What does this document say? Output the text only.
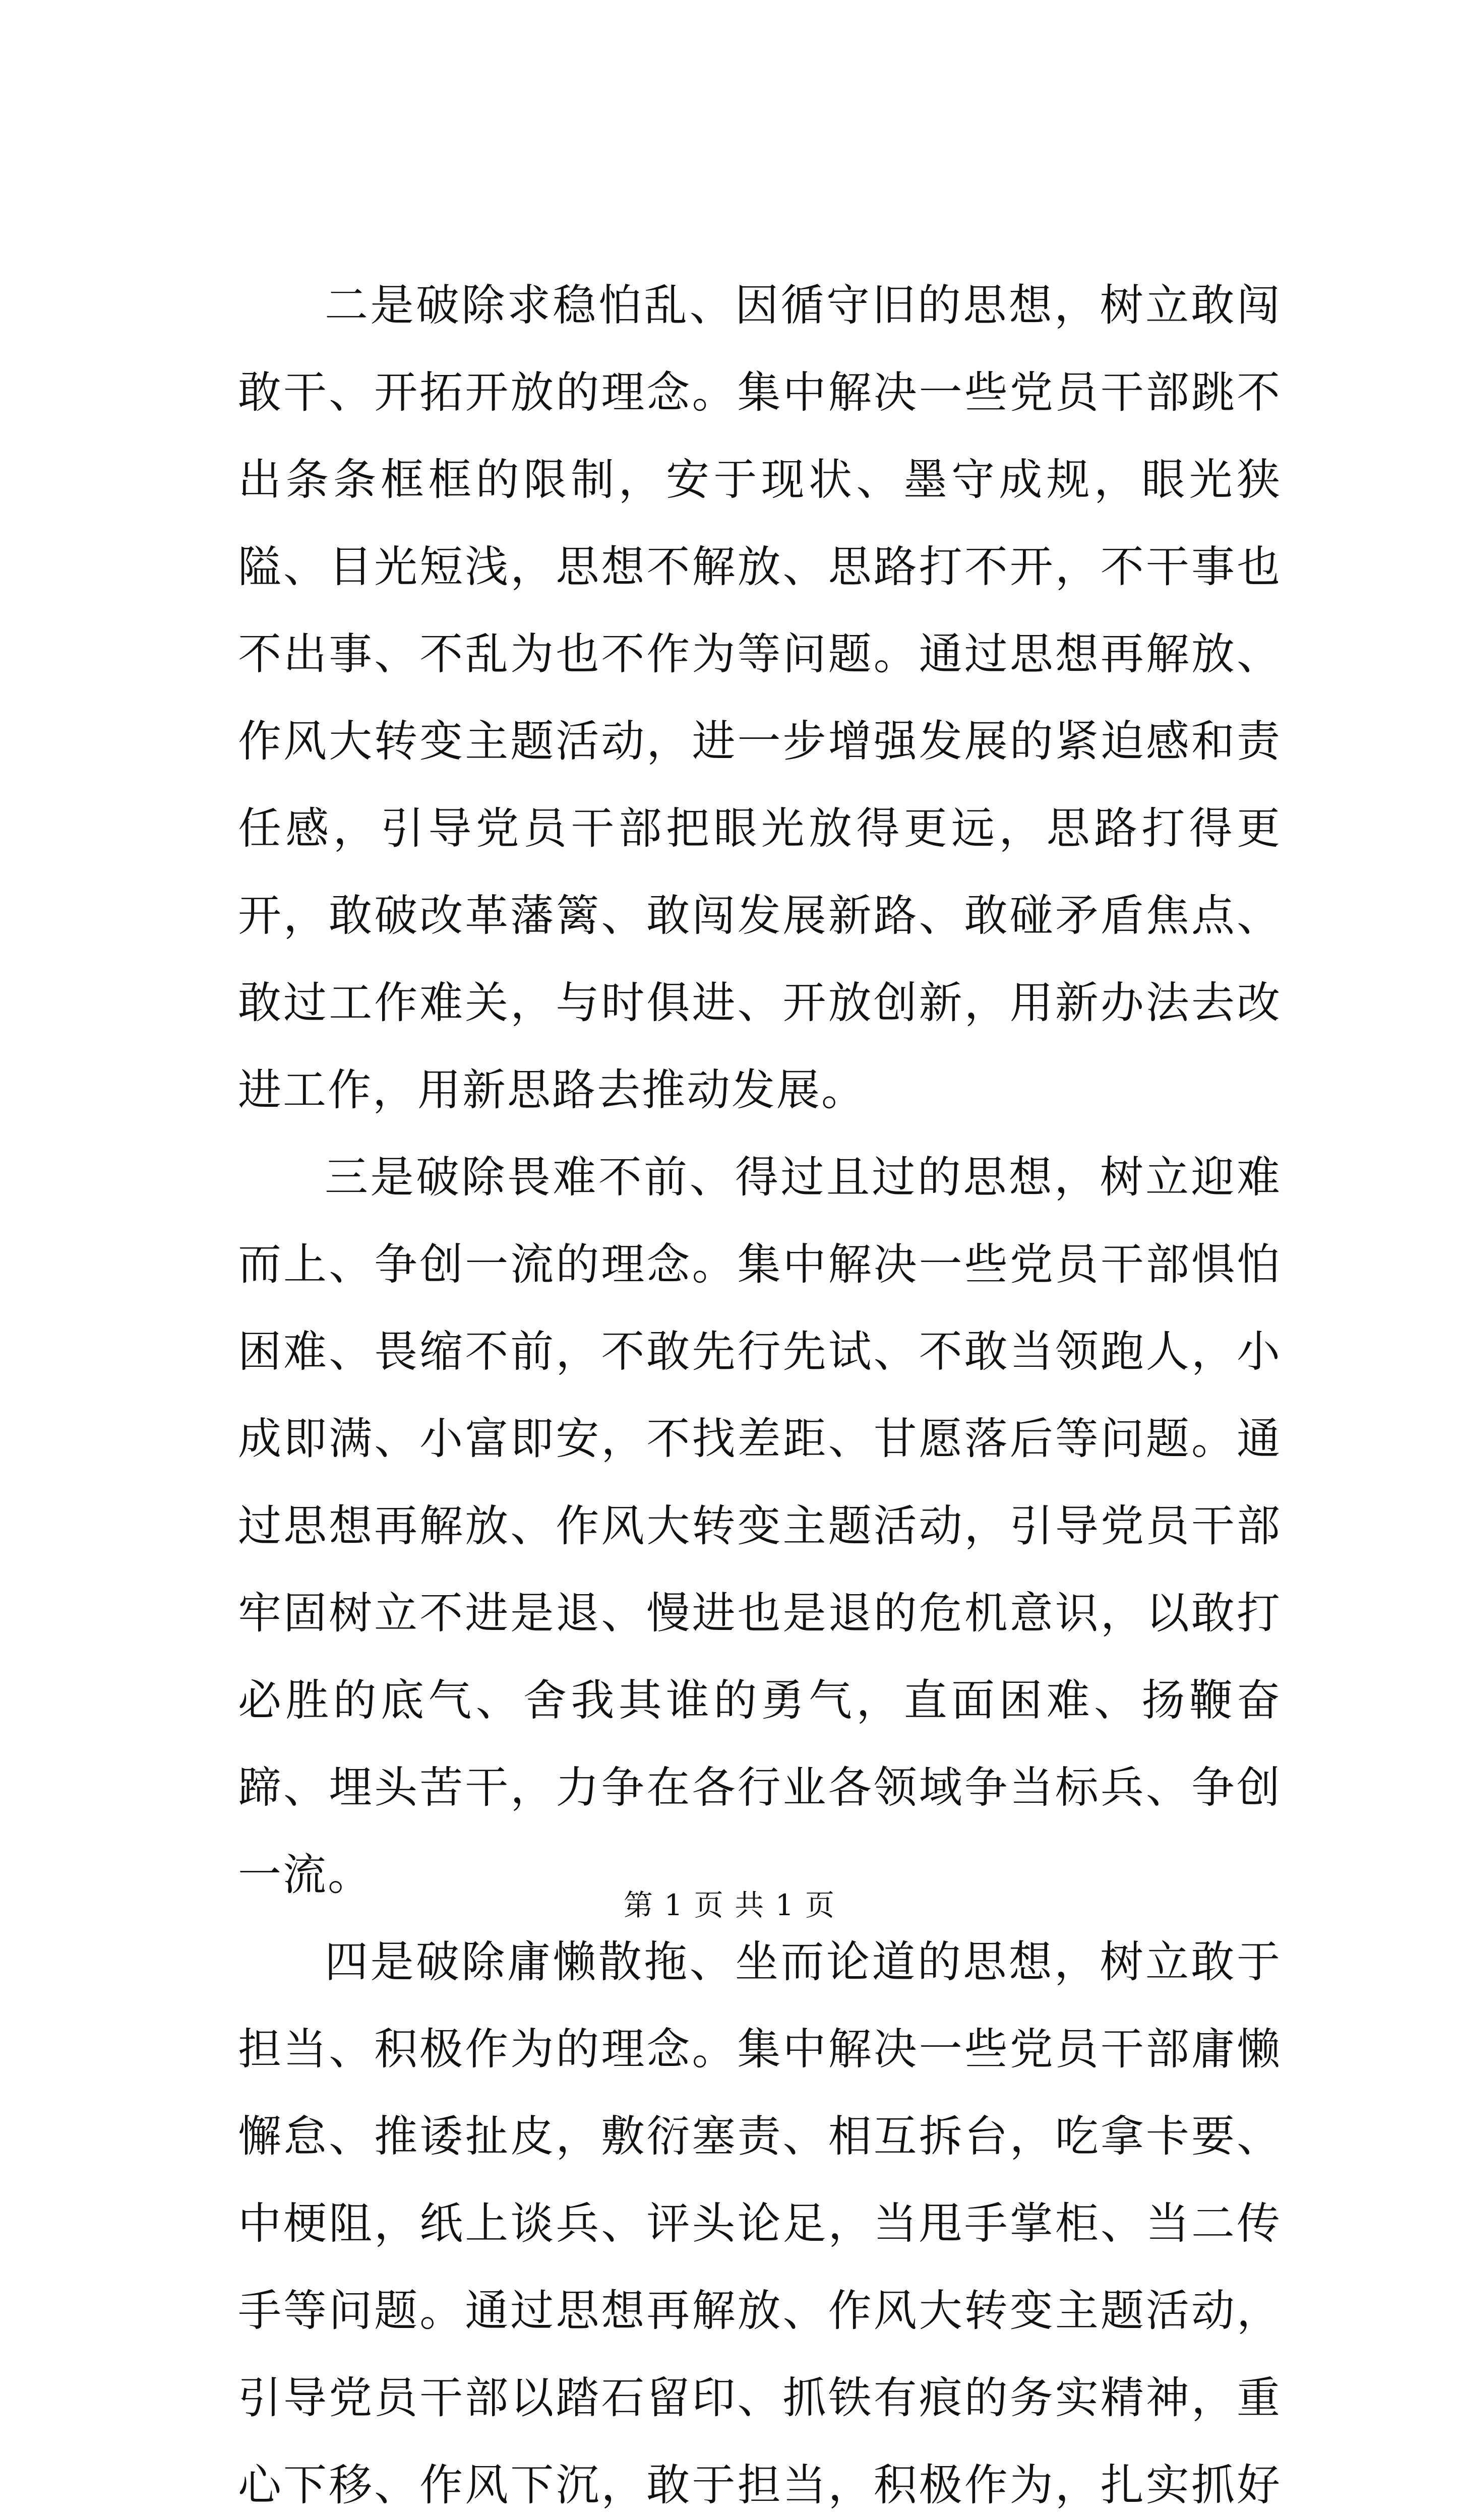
二是破除求稳怕乱、因循守旧的思想，树立敢闯敢干、开拓开放的理念。集中解决一些党员干部跳不出条条框框的限制，安于现状、墨守成规，眼光狭隘、目光短浅，思想不解放、思路打不开，不干事也不出事、不乱为也不作为等问题。通过思想再解放、作风大转变主题活动，进一步增强发展的紧迫感和责任感，引导党员干部把眼光放得更远，思路打得更开，敢破改革藩篱、敢闯发展新路、敢碰矛盾焦点、敢过工作难关，与时俱进、开放创新，用新办法去改进工作，用新思路去推动发展。

三是破除畏难不前、得过且过的思想，树立迎难而上、争创一流的理念。集中解决一些党员干部惧怕困难、畏缩不前，不敢先行先试、不敢当领跑人，小成即满、小富即安，不找差距、甘愿落后等问题。通过思想再解放、作风大转变主题活动，引导党员干部牢固树立不进是退、慢进也是退的危机意识，以敢打必胜的底气、舍我其谁的勇气，直面困难、扬鞭奋蹄、埋头苦干，力争在各行业各领域争当标兵、争创一流。

四是破除庸懒散拖、坐而论道的思想，树立敢于担当、积极作为的理念。集中解决一些党员干部庸懒懈怠、推诿扯皮，敷衍塞责、相互拆台，吃拿卡要、中梗阻，纸上谈兵、评头论足，当甩手掌柜、当二传手等问题。通过思想再解放、作风大转变主题活动，引导党员干部以踏石留印、抓铁有痕的务实精神，重心下移、作风下沉，敢于担当，积极作为，扎实抓好

第 1 页 共 1 页
